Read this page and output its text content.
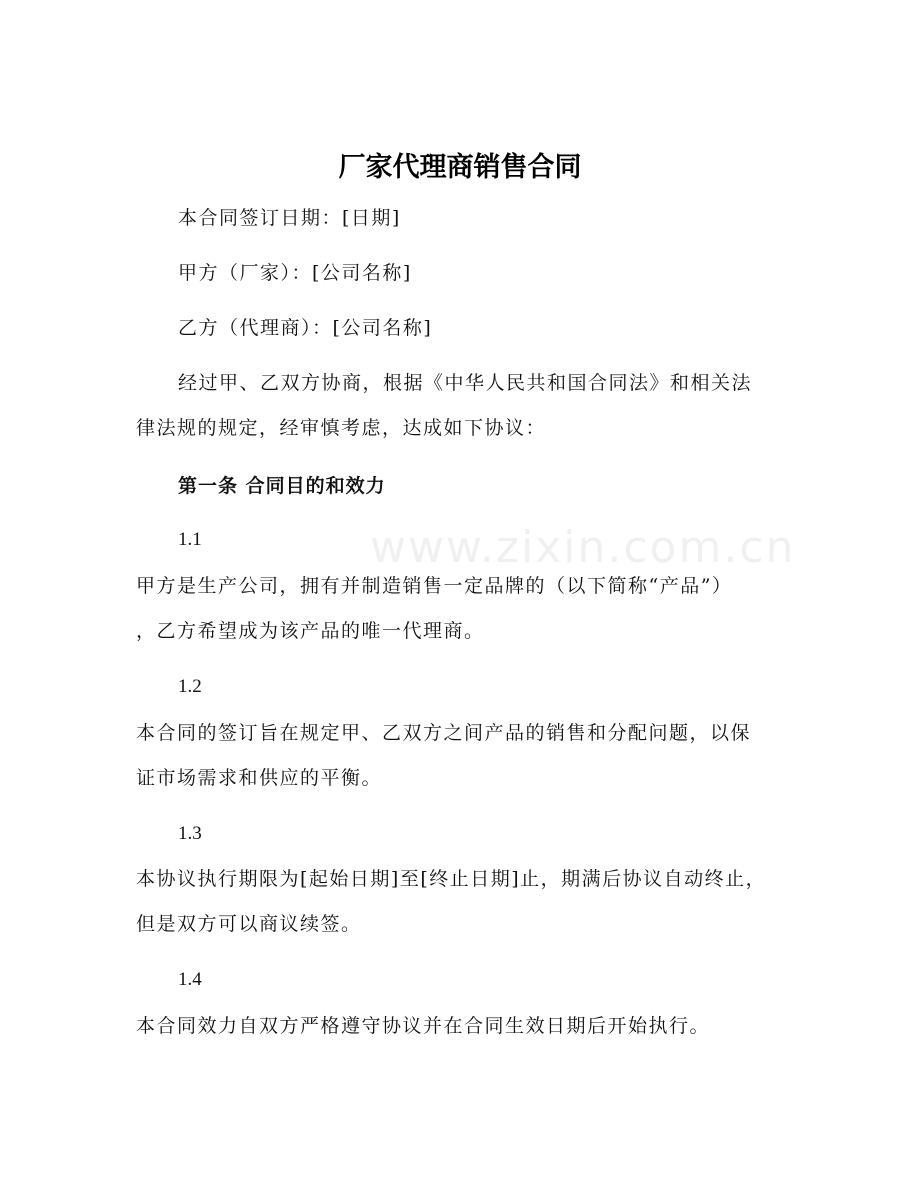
www.zixin.com.cn
厂家代理商销售合同
本合同签订日期：[日期]
甲方（厂家）：[公司名称]
乙方（代理商）：[公司名称]
经过甲、乙双方协商，根据《中华人民共和国合同法》和相关法
律法规的规定，经审慎考虑，达成如下协议：
第一条 合同目的和效力
1.1
甲方是生产公司，拥有并制造销售一定品牌的（以下简称“产品”）
，乙方希望成为该产品的唯一代理商。
1.2
本合同的签订旨在规定甲、乙双方之间产品的销售和分配问题，以保
证市场需求和供应的平衡。
1.3
本协议执行期限为[起始日期]至[终止日期]止，期满后协议自动终止，
但是双方可以商议续签。
1.4
本合同效力自双方严格遵守协议并在合同生效日期后开始执行。
